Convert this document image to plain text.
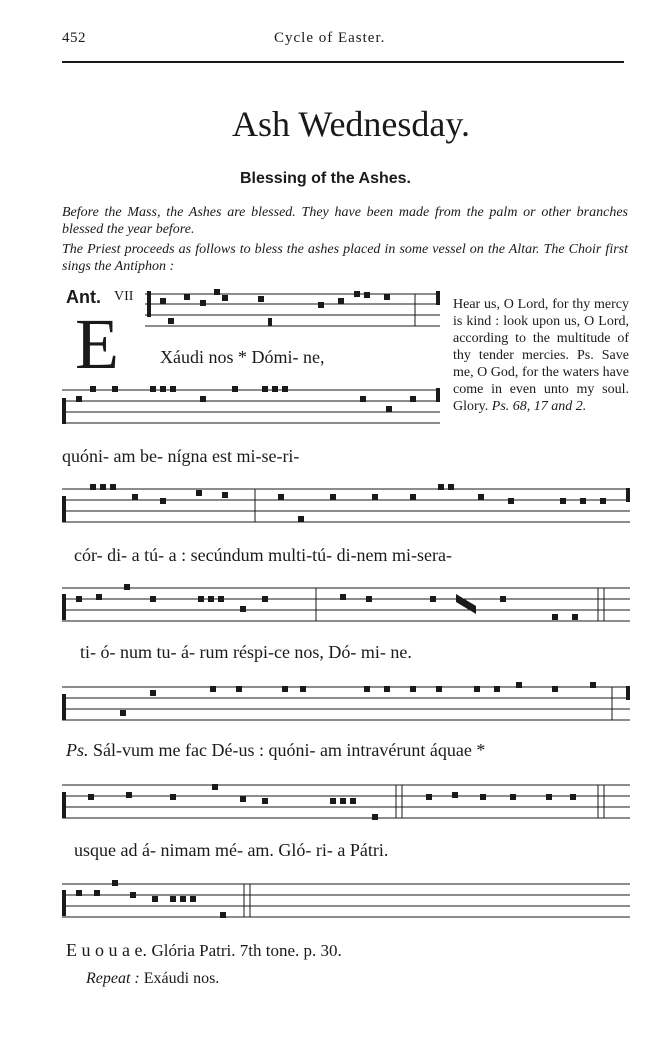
452	Cycle of Easter.
Ash Wednesday.
Blessing of the Ashes.
Before the Mass, the Ashes are blessed. They have been made from the palm or other branches blessed the year before.
The Priest proceeds as follows to bless the ashes placed in some vessel on the Altar. The Choir first sings the Antiphon :
Ant. VII
E	Hear us, O Lord, for thy mercy is kind : look upon us, O Lord, according to the multitude of thy tender mercies. Ps. Save me, O God, for the waters have come in even unto my soul. Glory. Ps. 68, 17 and 2.
Xáudi nos * Dómi- ne,
quóni- am be- nígna est mi-se-ri-
cór- di- a tú- a : secúndum multi-tú- di-nem mi-sera-
ti- ó- num tu- á- rum réspi-ce nos, Dó- mi- ne.
Ps. Sál-vum me fac Dé-us : quóni- am intravérunt áquae *
usque ad á- nimam mé- am. Gló- ri- a Pátri.
E u o u a e. Glória Patri. 7th tone. p. 30.
Repeat : Exáudi nos.
